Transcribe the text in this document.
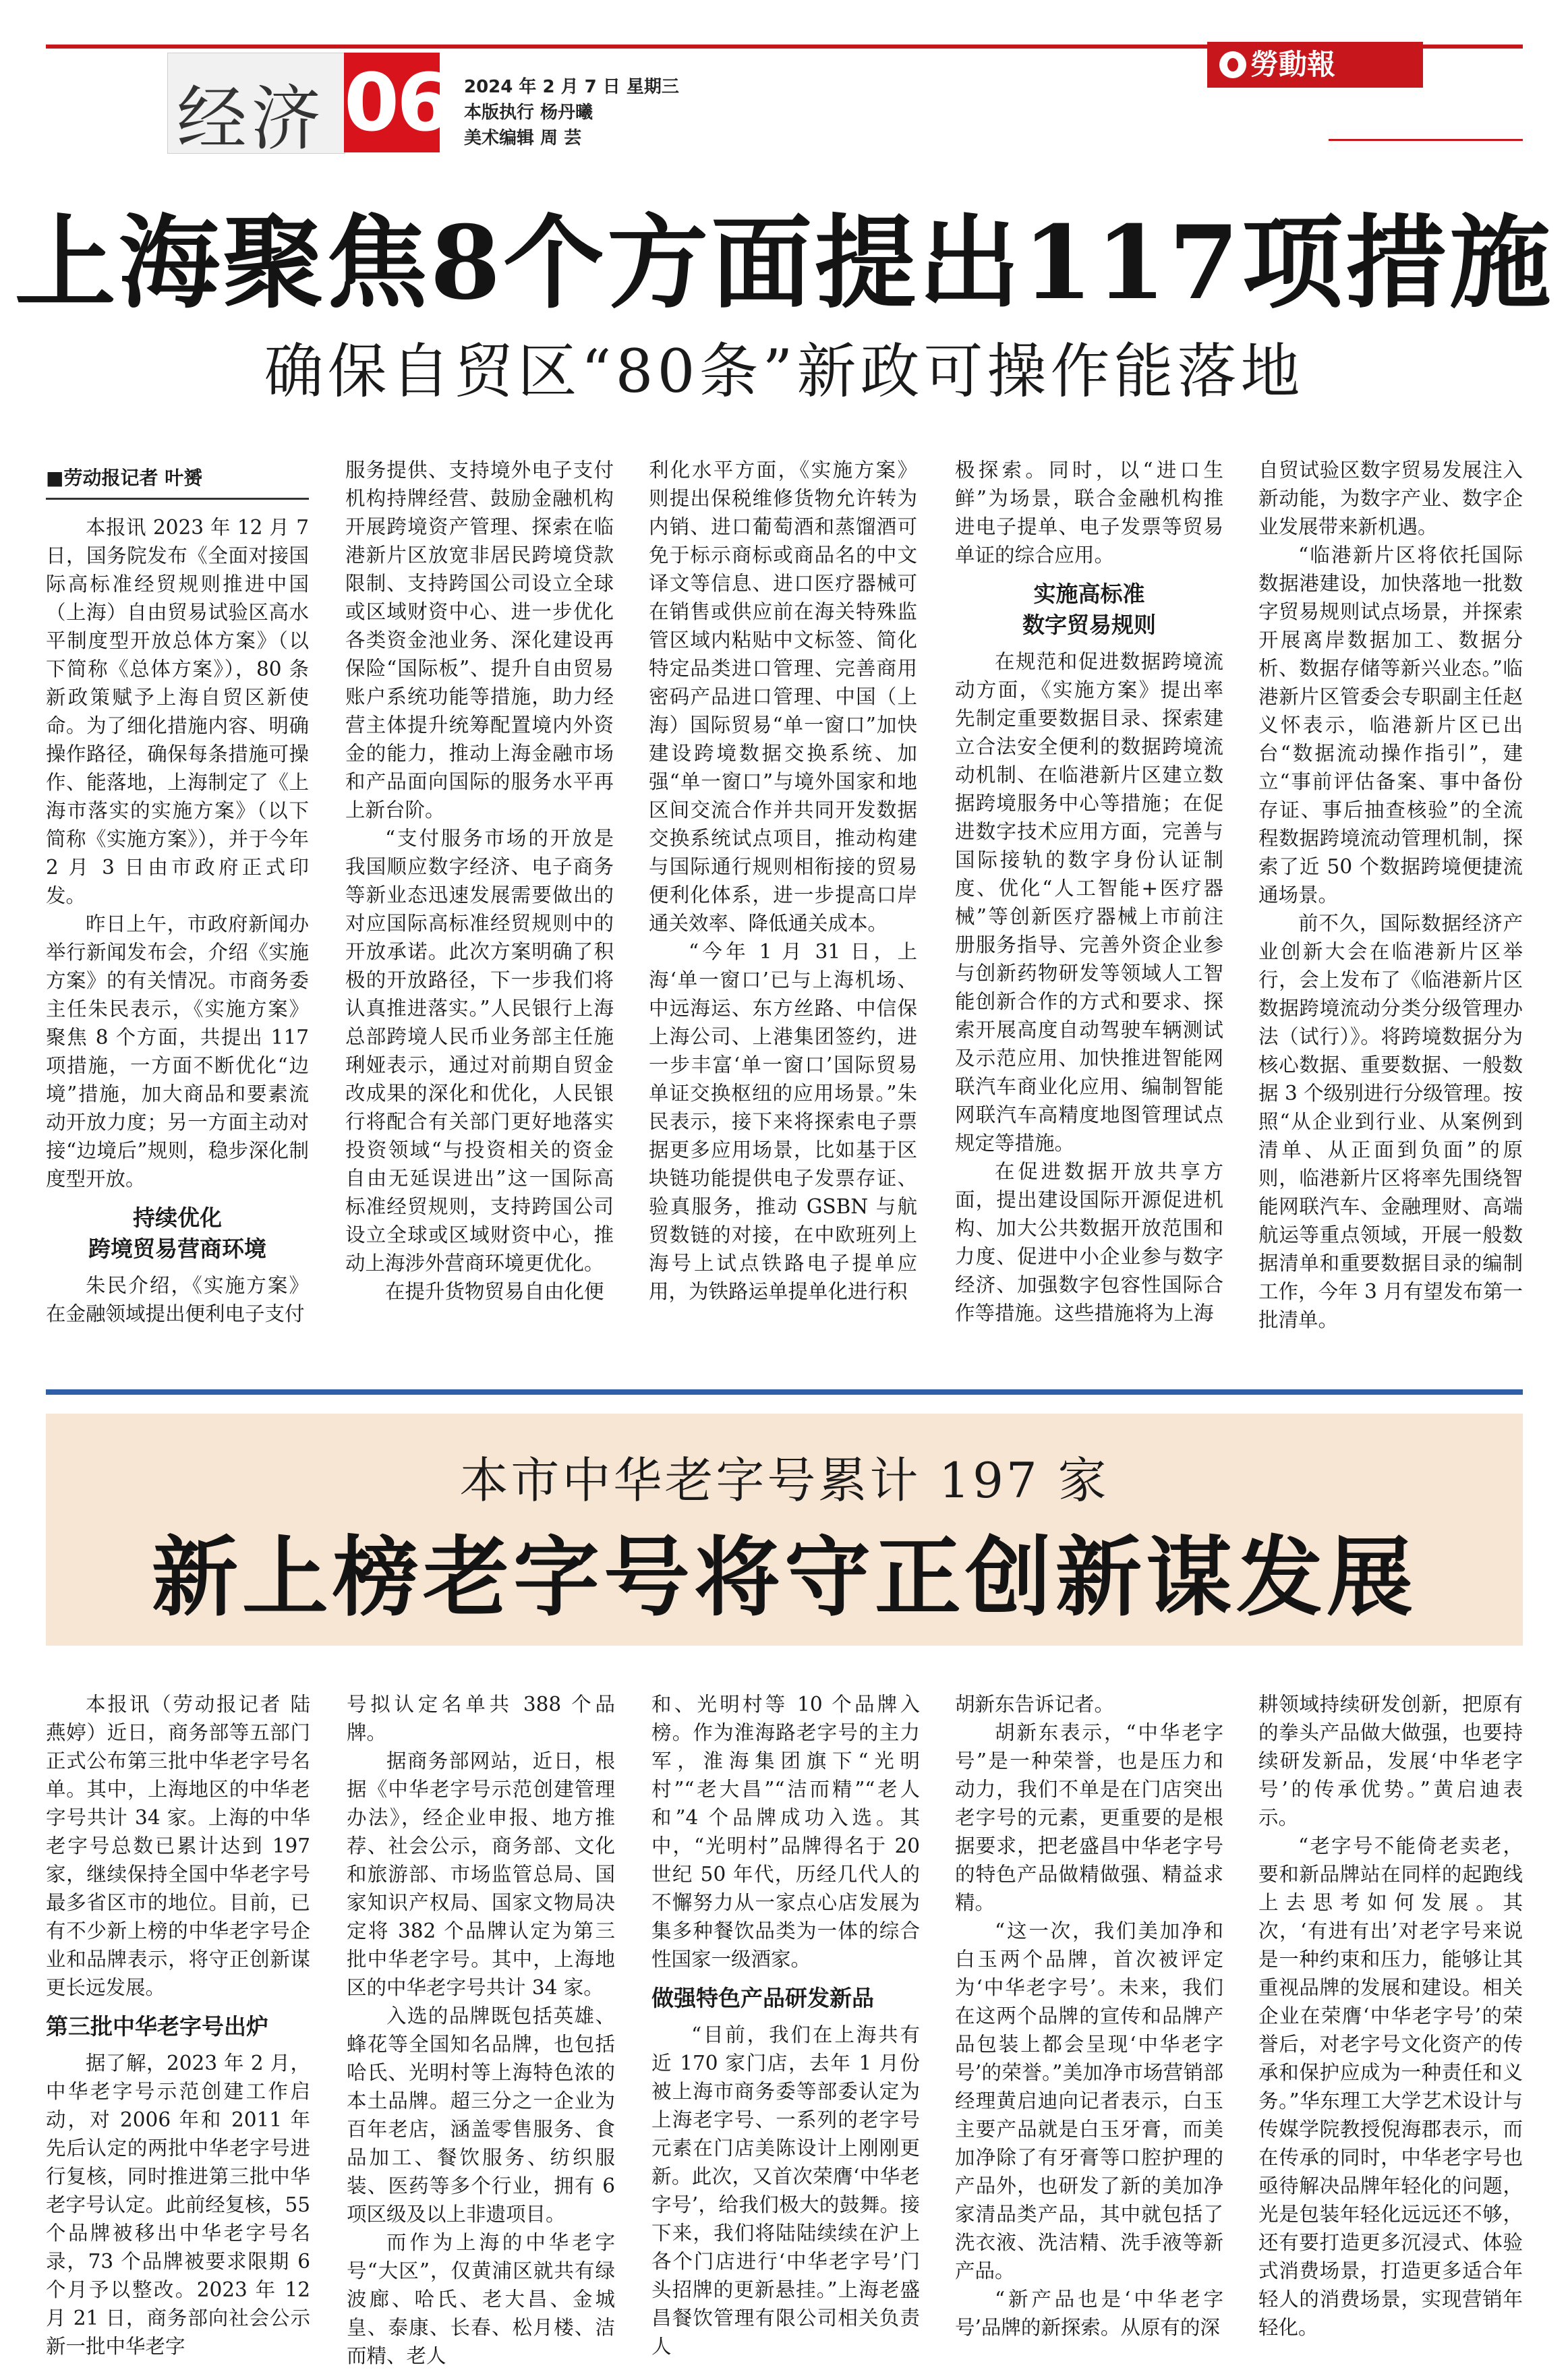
经济 06 2024 年 2 月 7 日 星期三
本版执行 杨丹曦
美术编辑 周 芸
勞動報
上海聚焦8个方面提出117项措施
确保自贸区“80条”新政可操作能落地
■劳动报记者 叶赟

本报讯 2023 年 12 月 7 日，国务院发布《全面对接国际高标准经贸规则推进中国（上海）自由贸易试验区高水平制度型开放总体方案》（以下简称《总体方案》），80 条新政策赋予上海自贸区新使命。为了细化措施内容、明确操作路径，确保每条措施可操作、能落地，上海制定了《上海市落实的实施方案》（以下简称《实施方案》），并于今年 2 月 3 日由市政府正式印发。

昨日上午，市政府新闻办举行新闻发布会，介绍《实施方案》的有关情况。市商务委主任朱民表示，《实施方案》聚焦 8 个方面，共提出 117 项措施，一方面不断优化“边境”措施，加大商品和要素流动开放力度；另一方面主动对接“边境后”规则，稳步深化制度型开放。

持续优化
跨境贸易营商环境

朱民介绍，《实施方案》在金融领域提出便利电子支付

服务提供、支持境外电子支付机构持牌经营、鼓励金融机构开展跨境资产管理、探索在临港新片区放宽非居民跨境贷款限制、支持跨国公司设立全球或区域财资中心、进一步优化各类资金池业务、深化建设再保险“国际板”、提升自由贸易账户系统功能等措施，助力经营主体提升统筹配置境内外资金的能力，推动上海金融市场和产品面向国际的服务水平再上新台阶。

“支付服务市场的开放是我国顺应数字经济、电子商务等新业态迅速发展需要做出的对应国际高标准经贸规则中的开放承诺。此次方案明确了积极的开放路径，下一步我们将认真推进落实。”人民银行上海总部跨境人民币业务部主任施琍娅表示，通过对前期自贸金改成果的深化和优化，人民银行将配合有关部门更好地落实投资领域“与投资相关的资金自由无延误进出”这一国际高标准经贸规则，支持跨国公司设立全球或区域财资中心，推动上海涉外营商环境更优化。

在提升货物贸易自由化便

利化水平方面，《实施方案》则提出保税维修货物允许转为内销、进口葡萄酒和蒸馏酒可免于标示商标或商品名的中文译文等信息、进口医疗器械可在销售或供应前在海关特殊监管区域内粘贴中文标签、简化特定品类进口管理、完善商用密码产品进口管理、中国（上海）国际贸易“单一窗口”加快建设跨境数据交换系统、加强“单一窗口”与境外国家和地区间交流合作并共同开发数据交换系统试点项目，推动构建与国际通行规则相衔接的贸易便利化体系，进一步提高口岸通关效率、降低通关成本。

“今年 1 月 31 日，上海‘单一窗口’已与上海机场、中远海运、东方丝路、中信保上海公司、上港集团签约，进一步丰富‘单一窗口’国际贸易单证交换枢纽的应用场景。”朱民表示，接下来将探索电子票据更多应用场景，比如基于区块链功能提供电子发票存证、验真服务，推动 GSBN 与航贸数链的对接，在中欧班列上海号上试点铁路电子提单应用，为铁路运单提单化进行积

极探索。同时，以“进口生鲜”为场景，联合金融机构推进电子提单、电子发票等贸易单证的综合应用。

实施高标准
数字贸易规则

在规范和促进数据跨境流动方面，《实施方案》提出率先制定重要数据目录、探索建立合法安全便利的数据跨境流动机制、在临港新片区建立数据跨境服务中心等措施；在促进数字技术应用方面，完善与国际接轨的数字身份认证制度、优化“人工智能+医疗器械”等创新医疗器械上市前注册服务指导、完善外资企业参与创新药物研发等领域人工智能创新合作的方式和要求、探索开展高度自动驾驶车辆测试及示范应用、加快推进智能网联汽车商业化应用、编制智能网联汽车高精度地图管理试点规定等措施。

在促进数据开放共享方面，提出建设国际开源促进机构、加大公共数据开放范围和力度、促进中小企业参与数字经济、加强数字包容性国际合作等措施。这些措施将为上海

自贸试验区数字贸易发展注入新动能，为数字产业、数字企业发展带来新机遇。

“临港新片区将依托国际数据港建设，加快落地一批数字贸易规则试点场景，并探索开展离岸数据加工、数据分析、数据存储等新兴业态。”临港新片区管委会专职副主任赵义怀表示，临港新片区已出台“数据流动操作指引”，建立“事前评估备案、事中备份存证、事后抽查核验”的全流程数据跨境流动管理机制，探索了近 50 个数据跨境便捷流通场景。

前不久，国际数据经济产业创新大会在临港新片区举行，会上发布了《临港新片区数据跨境流动分类分级管理办法（试行）》。将跨境数据分为核心数据、重要数据、一般数据 3 个级别进行分级管理。按照“从企业到行业、从案例到清单、从正面到负面”的原则，临港新片区将率先围绕智能网联汽车、金融理财、高端航运等重点领域，开展一般数据清单和重要数据目录的编制工作，今年 3 月有望发布第一批清单。

本市中华老字号累计 197 家
新上榜老字号将守正创新谋发展

本报讯（劳动报记者 陆燕婷）近日，商务部等五部门正式公布第三批中华老字号名单。其中，上海地区的中华老字号共计 34 家。上海的中华老字号总数已累计达到 197 家，继续保持全国中华老字号最多省区市的地位。目前，已有不少新上榜的中华老字号企业和品牌表示，将守正创新谋更长远发展。

第三批中华老字号出炉

据了解，2023 年 2 月，中华老字号示范创建工作启动，对 2006 年和 2011 年先后认定的两批中华老字号进行复核，同时推进第三批中华老字号认定。此前经复核，55 个品牌被移出中华老字号名录，73 个品牌被要求限期 6 个月予以整改。2023 年 12 月 21 日，商务部向社会公示新一批中华老字

号拟认定名单共 388 个品牌。

据商务部网站，近日，根据《中华老字号示范创建管理办法》，经企业申报、地方推荐、社会公示，商务部、文化和旅游部、市场监管总局、国家知识产权局、国家文物局决定将 382 个品牌认定为第三批中华老字号。其中，上海地区的中华老字号共计 34 家。

入选的品牌既包括英雄、蜂花等全国知名品牌，也包括哈氏、光明村等上海特色浓的本土品牌。超三分之一企业为百年老店，涵盖零售服务、食品加工、餐饮服务、纺织服装、医药等多个行业，拥有 6 项区级及以上非遗项目。

而作为上海的中华老字号“大区”，仅黄浦区就共有绿波廊、哈氏、老大昌、金城皇、泰康、长春、松月楼、洁而精、老人

和、光明村等 10 个品牌入榜。作为淮海路老字号的主力军，淮海集团旗下“光明村”“老大昌”“洁而精”“老人和”4 个品牌成功入选。其中，“光明村”品牌得名于 20 世纪 50 年代，历经几代人的不懈努力从一家点心店发展为集多种餐饮品类为一体的综合性国家一级酒家。

做强特色产品研发新品

“目前，我们在上海共有近 170 家门店，去年 1 月份被上海市商务委等部委认定为上海老字号、一系列的老字号元素在门店美陈设计上刚刚更新。此次，又首次荣膺‘中华老字号’，给我们极大的鼓舞。接下来，我们将陆陆续续在沪上各个门店进行‘中华老字号’门头招牌的更新悬挂。”上海老盛昌餐饮管理有限公司相关负责人

胡新东告诉记者。

胡新东表示，“中华老字号”是一种荣誉，也是压力和动力，我们不单是在门店突出老字号的元素，更重要的是根据要求，把老盛昌中华老字号的特色产品做精做强、精益求精。

“这一次，我们美加净和白玉两个品牌，首次被评定为‘中华老字号’。未来，我们在这两个品牌的宣传和品牌产品包装上都会呈现‘中华老字号’的荣誉。”美加净市场营销部经理黄启迪向记者表示，白玉主要产品就是白玉牙膏，而美加净除了有牙膏等口腔护理的产品外，也研发了新的美加净家清品类产品，其中就包括了洗衣液、洗洁精、洗手液等新产品。

“新产品也是‘中华老字号’品牌的新探索。从原有的深

耕领域持续研发创新，把原有的拳头产品做大做强，也要持续研发新品，发展‘中华老字号’的传承优势。”黄启迪表示。

“老字号不能倚老卖老，要和新品牌站在同样的起跑线上去思考如何发展。其次，‘有进有出’对老字号来说是一种约束和压力，能够让其重视品牌的发展和建设。相关企业在荣膺‘中华老字号’的荣誉后，对老字号文化资产的传承和保护应成为一种责任和义务。”华东理工大学艺术设计与传媒学院教授倪海郡表示，而在传承的同时，中华老字号也亟待解决品牌年轻化的问题，光是包装年轻化远远还不够，还有要打造更多沉浸式、体验式消费场景，打造更多适合年轻人的消费场景，实现营销年轻化。
